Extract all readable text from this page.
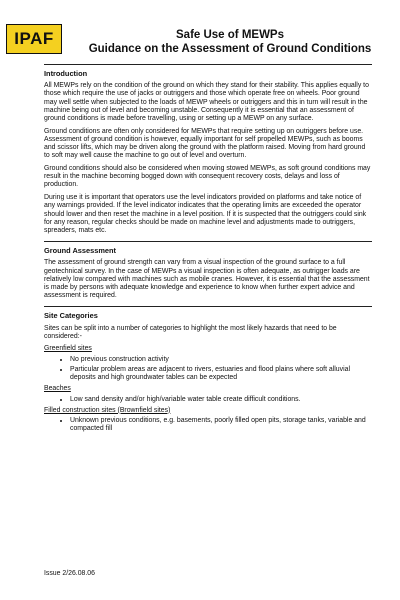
IPAF	Safe Use of MEWPs
Guidance on the Assessment of Ground Conditions
Introduction

All MEWPs rely on the condition of the ground on which they stand for their stability. This applies equally to those which require the use of jacks or outriggers and those which operate free on wheels. Poor ground may well settle when subjected to the loads of MEWP wheels or outriggers and this in turn will result in the machine being out of level and becoming unstable. Consequently it is essential that an assessment of ground conditions is made before travelling, using or setting up a MEWP on any surface.

Ground conditions are often only considered for MEWPs that require setting up on outriggers before use. Assessment of ground condition is however, equally important for self propelled MEWPs, such as booms and scissor lifts, which may be driven along the ground with the platform raised. Moving from hard ground to soft may well cause the machine to go out of level and overturn.

Ground conditions should also be considered when moving stowed MEWPs, as soft ground conditions may result in the machine becoming bogged down with consequent recovery costs, delays and loss of production.

During use it is important that operators use the level indicators provided on platforms and take notice of any warnings provided. If the level indicator indicates that the operating limits are exceeded the operator should lower and then reset the machine in a level position. If it is suspected that the outriggers could sink for any reason, regular checks should be made on machine level and adjustments made to outriggers, spreaders, mats etc.

Ground Assessment

The assessment of ground strength can vary from a visual inspection of the ground surface to a full geotechnical survey. In the case of MEWPs a visual inspection is often adequate, as outrigger loads are relatively low compared with machines such as mobile cranes. However, it is essential that the assessment is made by persons with adequate knowledge and experience to know when further expert advice and assessment is required.

Site Categories

Sites can be split into a number of categories to highlight the most likely hazards that need to be considered:-

Greenfield sites
• No previous construction activity
• Particular problem areas are adjacent to rivers, estuaries and flood plains where soft alluvial deposits and high groundwater tables can be expected
Beaches
• Low sand density and/or high/variable water table create difficult conditions.
Filled construction sites (Brownfield sites)
• Unknown previous conditions, e.g. basements, poorly filled open pits, storage tanks, variable and compacted fill
Issue 2/26.08.06
